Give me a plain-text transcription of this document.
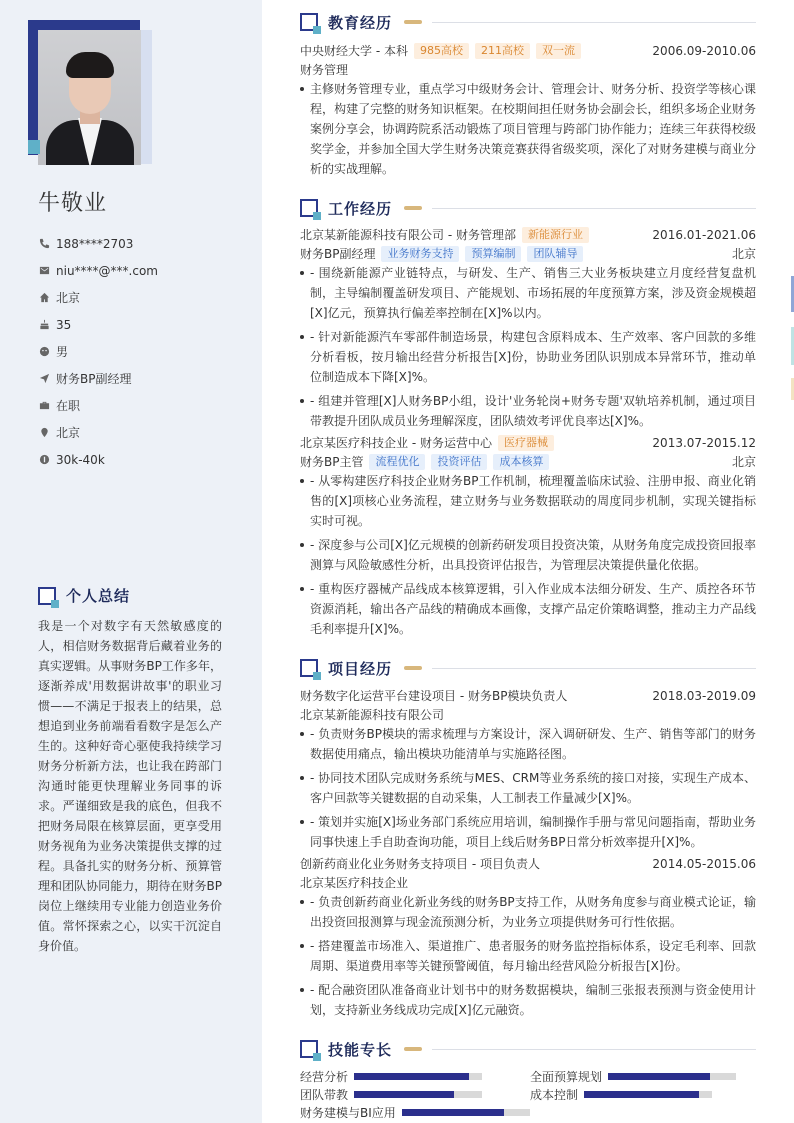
牛敬业
188****2703
niu****@***.com
北京
35
男
财务BP副经理
在职
北京
30k-40k
个人总结
我是一个对数字有天然敏感度的人，相信财务数据背后藏着业务的真实逻辑。从事财务BP工作多年，逐渐养成'用数据讲故事'的职业习惯——不满足于报表上的结果，总想追到业务前端看看数字是怎么产生的。这种好奇心驱使我持续学习财务分析新方法，也让我在跨部门沟通时能更快理解业务同事的诉求。严谨细致是我的底色，但我不把财务局限在核算层面，更享受用财务视角为业务决策提供支撑的过程。具备扎实的财务分析、预算管理和团队协同能力，期待在财务BP岗位上继续用专业能力创造业务价值。常怀探索之心，以实干沉淀自身价值。
教育经历
中央财经大学 - 本科	985高校	211高校	双一流	2006.09-2010.06
财务管理
主修财务管理专业，重点学习中级财务会计、管理会计、财务分析、投资学等核心课程，构建了完整的财务知识框架。在校期间担任财务协会副会长，组织多场企业财务案例分享会，协调跨院系活动锻炼了项目管理与跨部门协作能力；连续三年获得校级奖学金，并参加全国大学生财务决策竞赛获得省级奖项，深化了对财务建模与商业分析的实战理解。
工作经历
北京某新能源科技有限公司 - 财务管理部	新能源行业	2016.01-2021.06
财务BP副经理	业务财务支持	预算编制	团队辅导	北京
- 围绕新能源产业链特点，与研发、生产、销售三大业务板块建立月度经营复盘机制，主导编制覆盖研发项目、产能规划、市场拓展的年度预算方案，涉及资金规模超[X]亿元，预算执行偏差率控制在[X]%以内。
- 针对新能源汽车零部件制造场景，构建包含原料成本、生产效率、客户回款的多维分析看板，按月输出经营分析报告[X]份，协助业务团队识别成本异常环节，推动单位制造成本下降[X]%。
- 组建并管理[X]人财务BP小组，设计'业务轮岗+财务专题'双轨培养机制，通过项目带教提升团队成员业务理解深度，团队绩效考评优良率达[X]%。
北京某医疗科技企业 - 财务运营中心	医疗器械	2013.07-2015.12
财务BP主管	流程优化	投资评估	成本核算	北京
- 从零构建医疗科技企业财务BP工作机制，梳理覆盖临床试验、注册申报、商业化销售的[X]项核心业务流程，建立财务与业务数据联动的周度同步机制，实现关键指标实时可视。
- 深度参与公司[X]亿元规模的创新药研发项目投资决策，从财务角度完成投资回报率测算与风险敏感性分析，出具投资评估报告，为管理层决策提供量化依据。
- 重构医疗器械产品线成本核算逻辑，引入作业成本法细分研发、生产、质控各环节资源消耗，输出各产品线的精确成本画像，支撑产品定价策略调整，推动主力产品线毛利率提升[X]%。
项目经历
财务数字化运营平台建设项目 - 财务BP模块负责人	2018.03-2019.09
北京某新能源科技有限公司
- 负责财务BP模块的需求梳理与方案设计，深入调研研发、生产、销售等部门的财务数据使用痛点，输出模块功能清单与实施路径图。
- 协同技术团队完成财务系统与MES、CRM等业务系统的接口对接，实现生产成本、客户回款等关键数据的自动采集，人工制表工作量减少[X]%。
- 策划并实施[X]场业务部门系统应用培训，编制操作手册与常见问题指南，帮助业务同事快速上手自助查询功能，项目上线后财务BP日常分析效率提升[X]%。
创新药商业化业务财务支持项目 - 项目负责人	2014.05-2015.06
北京某医疗科技企业
- 负责创新药商业化新业务线的财务BP支持工作，从财务角度参与商业模式论证，输出投资回报测算与现金流预测分析，为业务立项提供财务可行性依据。
- 搭建覆盖市场准入、渠道推广、患者服务的财务监控指标体系，设定毛利率、回款周期、渠道费用率等关键预警阈值，每月输出经营风险分析报告[X]份。
- 配合融资团队准备商业计划书中的财务数据模块，编制三张报表预测与资金使用计划，支持新业务线成功完成[X]亿元融资。
技能专长
经营分析	全面预算规划
团队带教	成本控制
财务建模与BI应用
